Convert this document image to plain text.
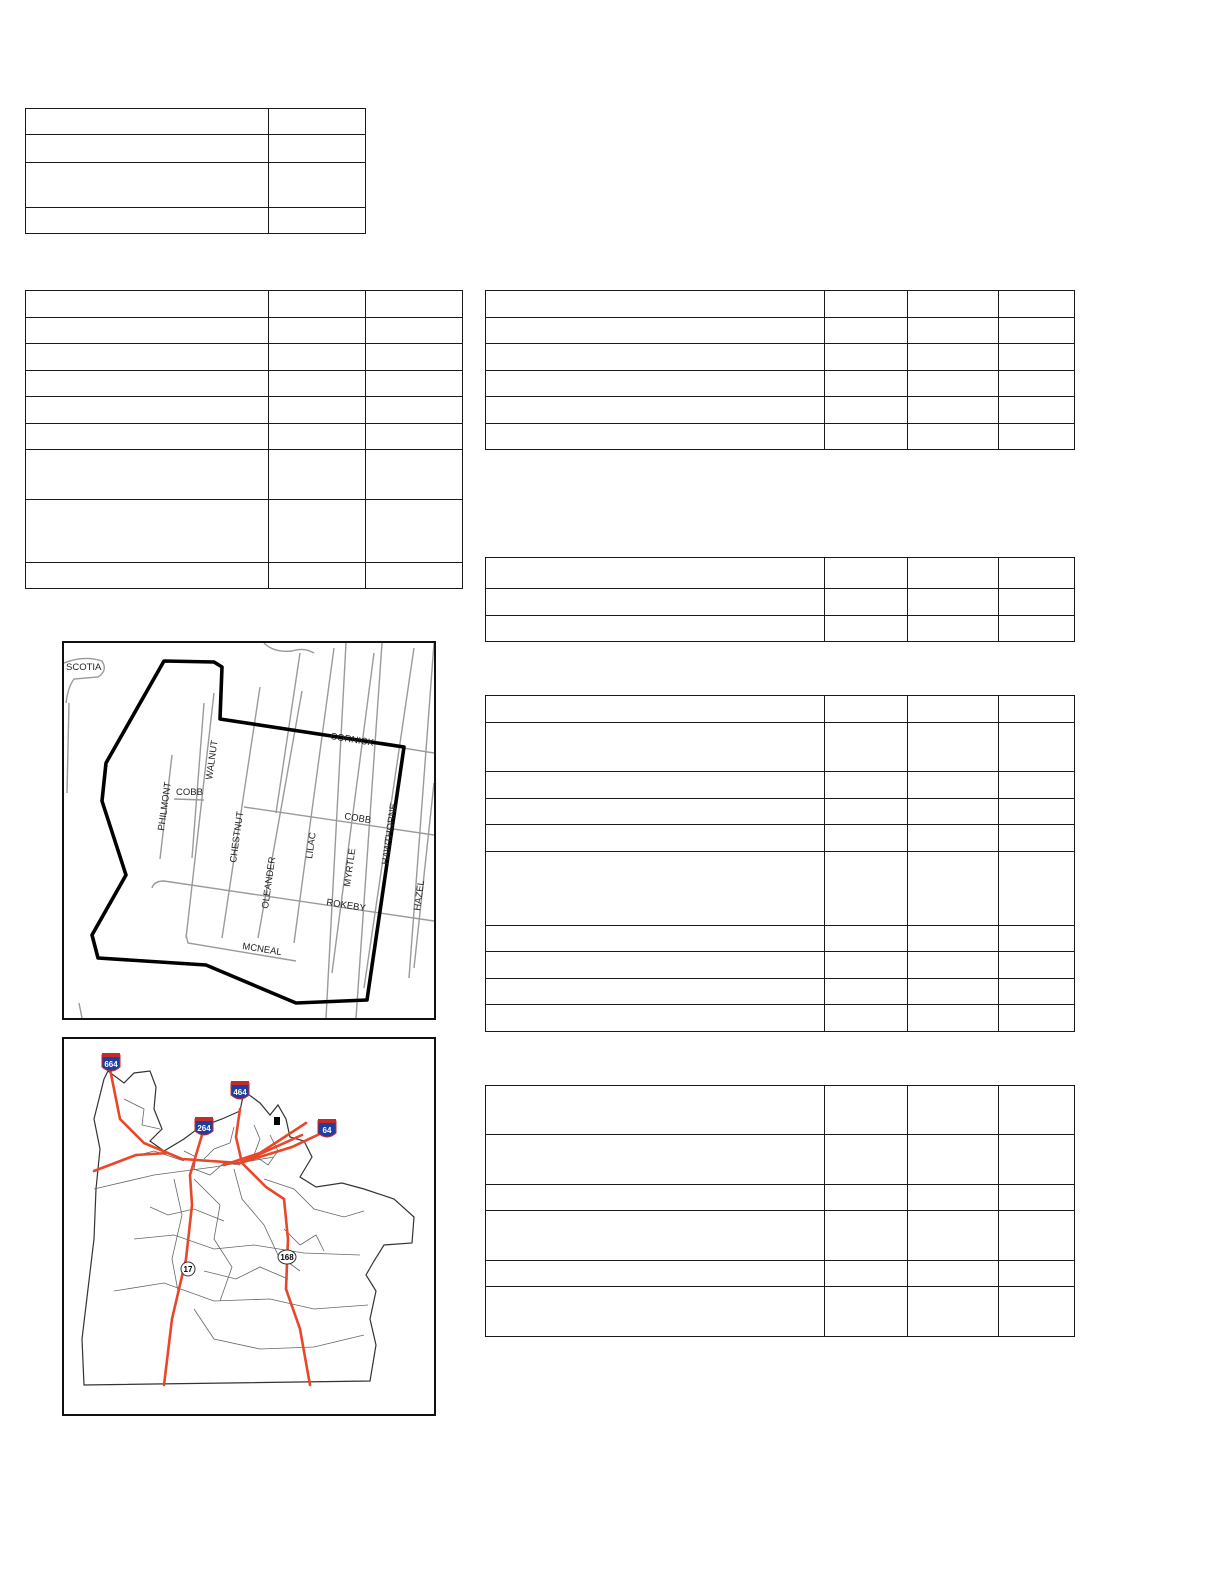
SCOTIA
CORNICK
WALNUT
PHILMONT COBB
COBB
CHESTNUT	LILAC
OLEANDER	MYRTLE
HAWTHORNE
HAZEL
ROKEBY
MCNEAL
664
464
264	64
17
168
